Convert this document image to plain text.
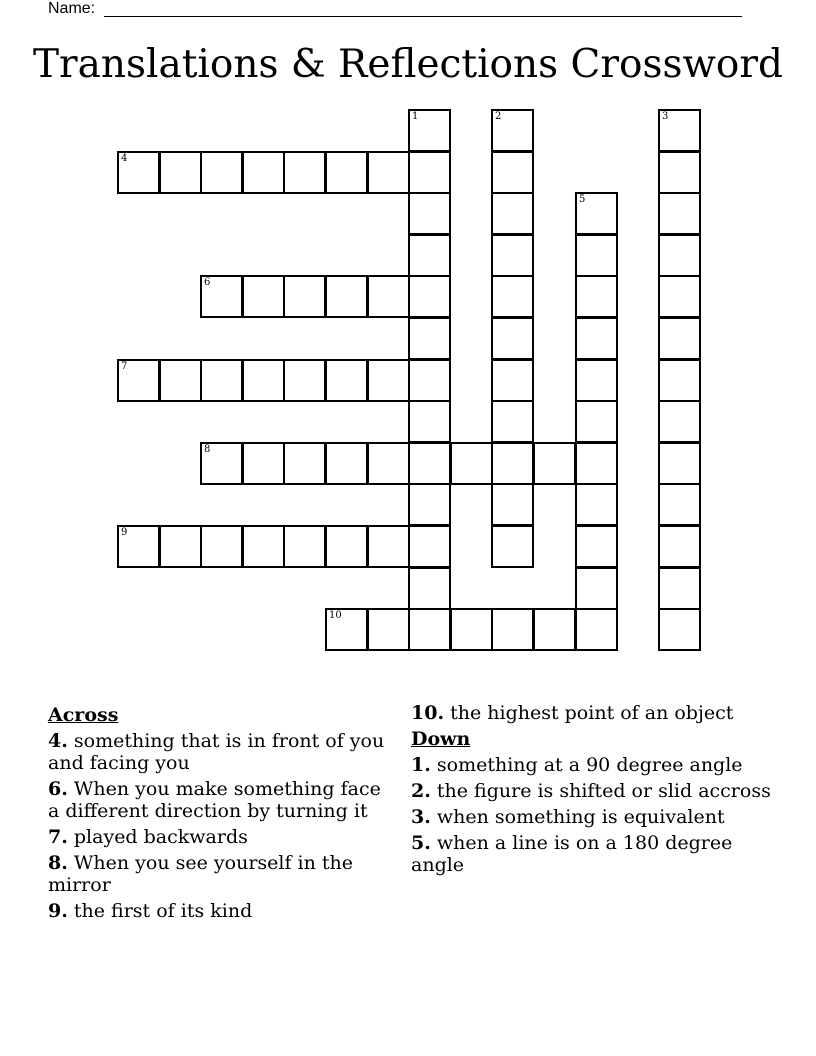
Name:
Translations & Reflections Crossword
1	2	3
4
5
6
7
8
9
10
Across
4. something that is in front of you and facing you
6. When you make something face a different direction by turning it
7. played backwards
8. When you see yourself in the mirror
9. the first of its kind
10. the highest point of an object
Down
1. something at a 90 degree angle
2. the figure is shifted or slid accross
3. when something is equivalent
5. when a line is on a 180 degree angle
